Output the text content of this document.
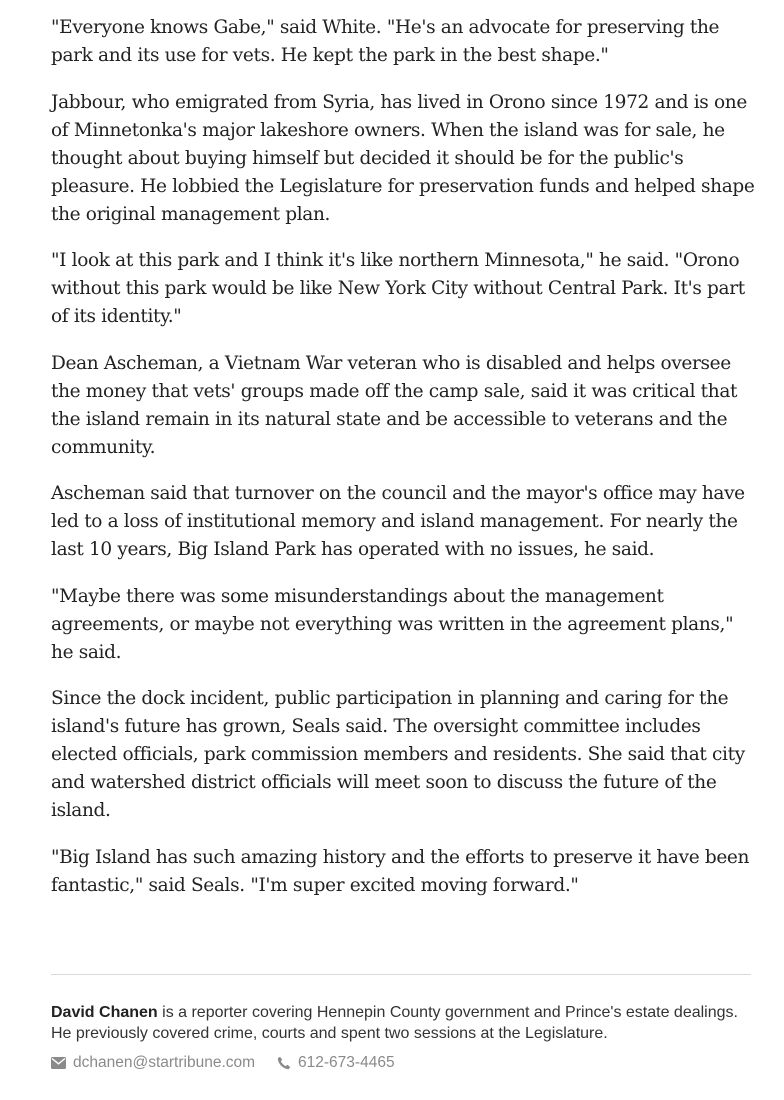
"Everyone knows Gabe," said White. "He's an advocate for preserving the park and its use for vets. He kept the park in the best shape."

Jabbour, who emigrated from Syria, has lived in Orono since 1972 and is one of Minnetonka's major lakeshore owners. When the island was for sale, he thought about buying himself but decided it should be for the public's pleasure. He lobbied the Legislature for preservation funds and helped shape the original management plan.

"I look at this park and I think it's like northern Minnesota," he said. "Orono without this park would be like New York City without Central Park. It's part of its identity."

Dean Ascheman, a Vietnam War veteran who is disabled and helps oversee the money that vets' groups made off the camp sale, said it was critical that the island remain in its natural state and be accessible to veterans and the community.

Ascheman said that turnover on the council and the mayor's office may have led to a loss of institutional memory and island management. For nearly the last 10 years, Big Island Park has operated with no issues, he said.

"Maybe there was some misunderstandings about the management agreements, or maybe not everything was written in the agreement plans," he said.

Since the dock incident, public participation in planning and caring for the island's future has grown, Seals said. The oversight committee includes elected officials, park commission members and residents. She said that city and watershed district officials will meet soon to discuss the future of the island.

"Big Island has such amazing history and the efforts to preserve it have been fantastic," said Seals. "I'm super excited moving forward."

David Chanen is a reporter covering Hennepin County government and Prince's estate dealings. He previously covered crime, courts and spent two sessions at the Legislature.

dchanen@startribune.com	612-673-4465
